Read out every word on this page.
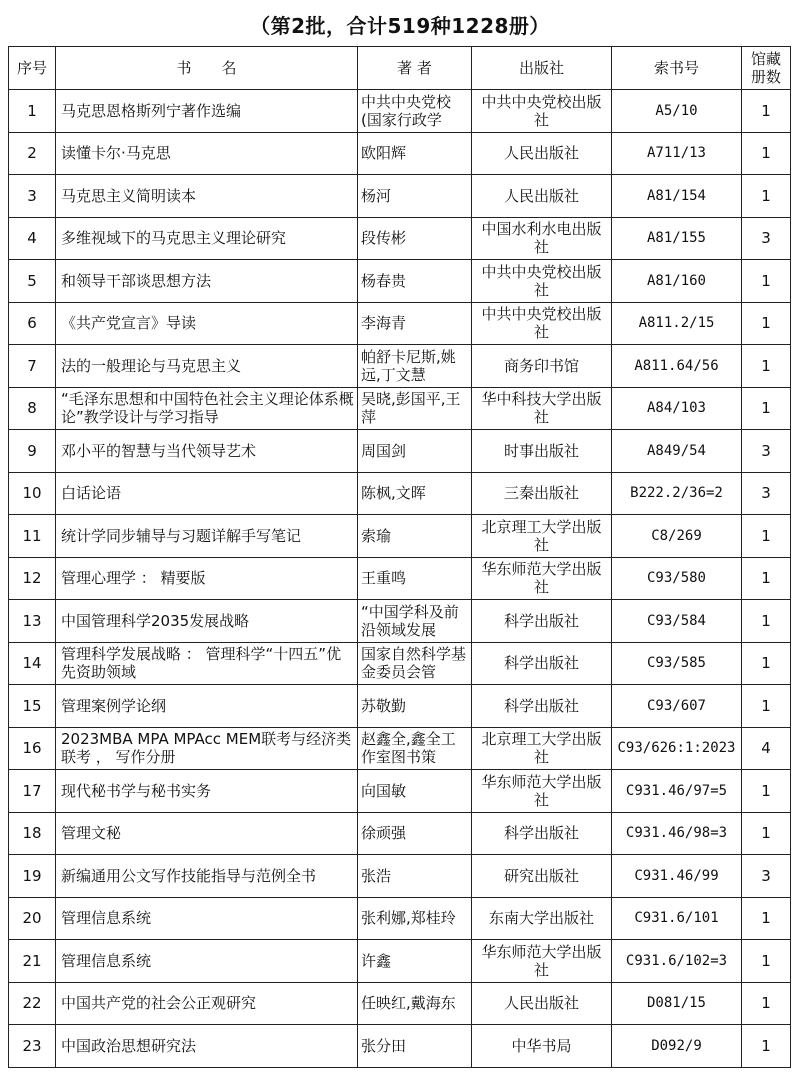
（第2批，合计519种1228册）
序号	书　　名	著 者	出版社	索书号	馆藏册数

1	马克思恩格斯列宁著作选编	中共中央党校(国家行政学	中共中央党校出版社	A5/10	1

2	读懂卡尔·马克思	欧阳辉	人民出版社	A711/13	1

3	马克思主义简明读本	杨河	人民出版社	A81/154	1

4	多维视域下的马克思主义理论研究	段传彬	中国水利水电出版社	A81/155	3

5	和领导干部谈思想方法	杨春贵	中共中央党校出版社	A81/160	1

6	《共产党宣言》导读	李海青	中共中央党校出版社	A811.2/15	1

7	法的一般理论与马克思主义	帕舒卡尼斯,姚远,丁文慧	商务印书馆	A811.64/56	1

8	“毛泽东思想和中国特色社会主义理论体系概论”教学设计与学习指导	吴晓,彭国平,王萍	华中科技大学出版社	A84/103	1

9	邓小平的智慧与当代领导艺术	周国剑	时事出版社	A849/54	3

10	白话论语	陈枫,文晖	三秦出版社	B222.2/36=2	3

11	统计学同步辅导与习题详解手写笔记	索瑜	北京理工大学出版社	C8/269	1

12	管理心理学 ： 精要版	王重鸣	华东师范大学出版社	C93/580	1

13	中国管理科学2035发展战略	“中国学科及前沿领域发展	科学出版社	C93/584	1

14	管理科学发展战略 ： 管理科学“十四五”优先资助领域	国家自然科学基金委员会管	科学出版社	C93/585	1

15	管理案例学论纲	苏敬勤	科学出版社	C93/607	1

16	2023MBA MPA MPAcc MEM联考与经济类联考 ， 写作分册	赵鑫全,鑫全工作室图书策	北京理工大学出版社	C93/626:1:2023	4

17	现代秘书学与秘书实务	向国敏	华东师范大学出版社	C931.46/97=5	1

18	管理文秘	徐顽强	科学出版社	C931.46/98=3	1

19	新编通用公文写作技能指导与范例全书	张浩	研究出版社	C931.46/99	3

20	管理信息系统	张利娜,郑桂玲	东南大学出版社	C931.6/101	1

21	管理信息系统	许鑫	华东师范大学出版社	C931.6/102=3	1

22	中国共产党的社会公正观研究	任映红,戴海东	人民出版社	D081/15	1

23	中国政治思想研究法	张分田	中华书局	D092/9	1
